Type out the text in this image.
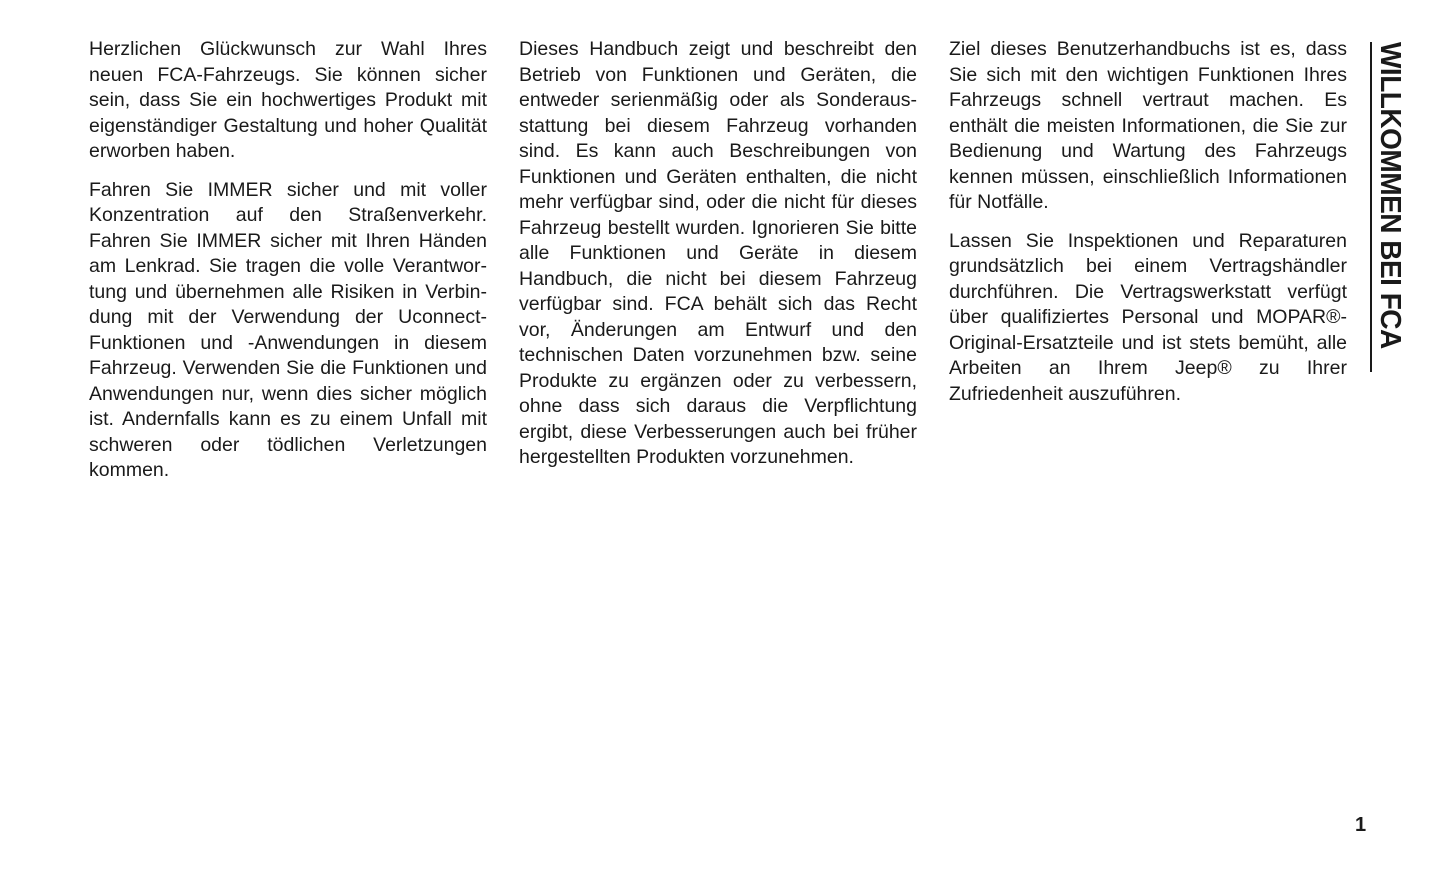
Herzlichen Glückwunsch zur Wahl Ihres neuen FCA-Fahrzeugs. Sie können sicher sein, dass Sie ein hochwertiges Produkt mit eigenständiger Gestaltung und hoher Qualität erworben haben.

Fahren Sie IMMER sicher und mit voller Konzentration auf den Straßenverkehr. Fahren Sie IMMER sicher mit Ihren Händen am Lenkrad. Sie tragen die volle Verantwortung und übernehmen alle Risiken in Verbindung mit der Verwendung der Uconnect-Funktionen und -Anwendungen in diesem Fahrzeug. Verwenden Sie die Funktionen und Anwendungen nur, wenn dies sicher möglich ist. Andernfalls kann es zu einem Unfall mit schweren oder tödlichen Verletzungen kommen.

Dieses Handbuch zeigt und beschreibt den Betrieb von Funktionen und Geräten, die entweder serienmäßig oder als Sonderausstattung bei diesem Fahrzeug vorhanden sind. Es kann auch Beschreibungen von Funktionen und Geräten enthalten, die nicht mehr verfügbar sind, oder die nicht für dieses Fahrzeug bestellt wurden. Ignorieren Sie bitte alle Funktionen und Geräte in diesem Handbuch, die nicht bei diesem Fahrzeug verfügbar sind. FCA behält sich das Recht vor, Änderungen am Entwurf und den technischen Daten vorzunehmen bzw. seine Produkte zu ergänzen oder zu verbessern, ohne dass sich daraus die Verpflichtung ergibt, diese Verbesserungen auch bei früher hergestellten Produkten vorzunehmen.

Ziel dieses Benutzerhandbuchs ist es, dass Sie sich mit den wichtigen Funktionen Ihres Fahrzeugs schnell vertraut machen. Es enthält die meisten Informationen, die Sie zur Bedienung und Wartung des Fahrzeugs kennen müssen, einschließlich Informationen für Notfälle.

Lassen Sie Inspektionen und Reparaturen grundsätzlich bei einem Vertragshändler durchführen. Die Vertragswerkstatt verfügt über qualifiziertes Personal und MOPAR®-Original-Ersatzteile und ist stets bemüht, alle Arbeiten an Ihrem Jeep® zu Ihrer Zufriedenheit auszuführen.

WILLKOMMEN BEI FCA
1
